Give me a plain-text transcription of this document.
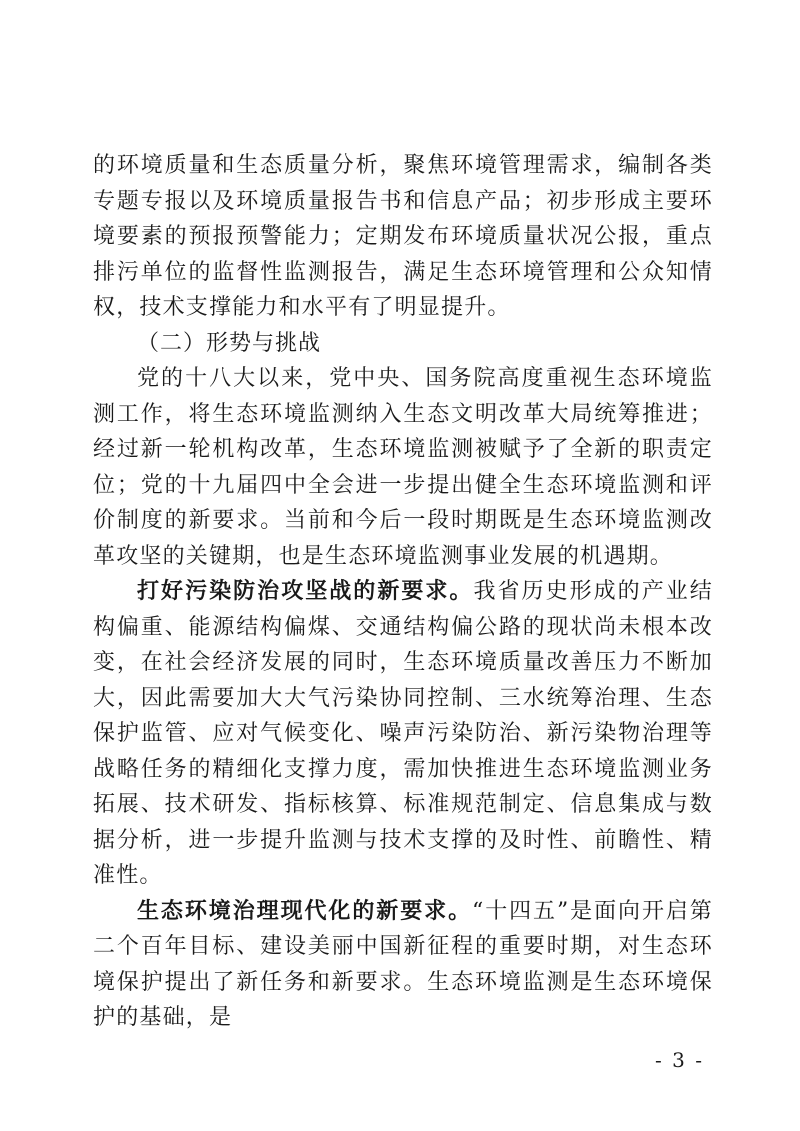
的环境质量和生态质量分析，聚焦环境管理需求，编制各类专题专报以及环境质量报告书和信息产品；初步形成主要环境要素的预报预警能力；定期发布环境质量状况公报，重点排污单位的监督性监测报告，满足生态环境管理和公众知情权，技术支撑能力和水平有了明显提升。

（二）形势与挑战

党的十八大以来，党中央、国务院高度重视生态环境监测工作，将生态环境监测纳入生态文明改革大局统筹推进；经过新一轮机构改革，生态环境监测被赋予了全新的职责定位；党的十九届四中全会进一步提出健全生态环境监测和评价制度的新要求。当前和今后一段时期既是生态环境监测改革攻坚的关键期，也是生态环境监测事业发展的机遇期。

打好污染防治攻坚战的新要求。我省历史形成的产业结构偏重、能源结构偏煤、交通结构偏公路的现状尚未根本改变，在社会经济发展的同时，生态环境质量改善压力不断加大，因此需要加大大气污染协同控制、三水统筹治理、生态保护监管、应对气候变化、噪声污染防治、新污染物治理等战略任务的精细化支撑力度，需加快推进生态环境监测业务拓展、技术研发、指标核算、标准规范制定、信息集成与数据分析，进一步提升监测与技术支撑的及时性、前瞻性、精准性。

生态环境治理现代化的新要求。“十四五”是面向开启第二个百年目标、建设美丽中国新征程的重要时期，对生态环境保护提出了新任务和新要求。生态环境监测是生态环境保护的基础，是

- 3 -
